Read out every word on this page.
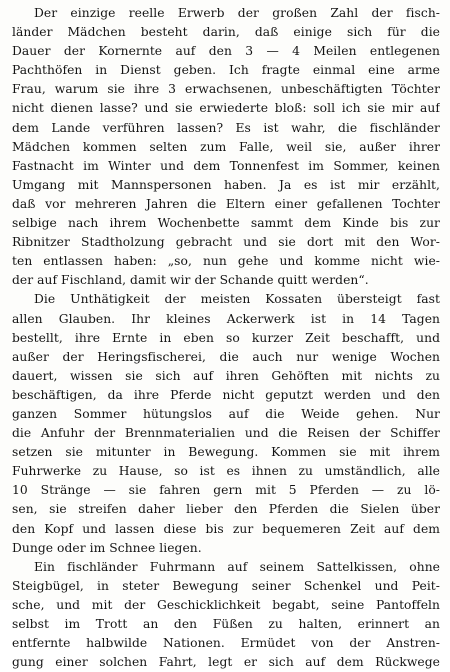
Der einzige reelle Erwerb der großen Zahl der fisch-
länder Mädchen besteht darin, daß einige sich für die
Dauer der Kornernte auf den 3 — 4 Meilen entlegenen
Pachthöfen in Dienst geben. Ich fragte einmal eine arme
Frau, warum sie ihre 3 erwachsenen, unbeschäftigten Töchter
nicht dienen lasse? und sie erwiederte bloß: soll ich sie mir auf
dem Lande verführen lassen? Es ist wahr, die fischländer
Mädchen kommen selten zum Falle, weil sie, außer ihrer
Fastnacht im Winter und dem Tonnenfest im Sommer, keinen
Umgang mit Mannspersonen haben. Ja es ist mir erzählt,
daß vor mehreren Jahren die Eltern einer gefallenen Tochter
selbige nach ihrem Wochenbette sammt dem Kinde bis zur
Ribnitzer Stadtholzung gebracht und sie dort mit den Wor-
ten entlassen haben: „so, nun gehe und komme nicht wie-
der auf Fischland, damit wir der Schande quitt werden“.
Die Unthätigkeit der meisten Kossaten übersteigt fast
allen Glauben. Ihr kleines Ackerwerk ist in 14 Tagen
bestellt, ihre Ernte in eben so kurzer Zeit beschafft, und
außer der Heringsfischerei, die auch nur wenige Wochen
dauert, wissen sie sich auf ihren Gehöften mit nichts zu
beschäftigen, da ihre Pferde nicht geputzt werden und den
ganzen Sommer hütungslos auf die Weide gehen. Nur
die Anfuhr der Brennmaterialien und die Reisen der Schiffer
setzen sie mitunter in Bewegung. Kommen sie mit ihrem
Fuhrwerke zu Hause, so ist es ihnen zu umständlich, alle
10 Stränge — sie fahren gern mit 5 Pferden — zu lö-
sen, sie streifen daher lieber den Pferden die Sielen über
den Kopf und lassen diese bis zur bequemeren Zeit auf dem
Dunge oder im Schnee liegen.
Ein fischländer Fuhrmann auf seinem Sattelkissen, ohne
Steigbügel, in steter Bewegung seiner Schenkel und Peit-
sche, und mit der Geschicklichkeit begabt, seine Pantoffeln
selbst im Trott an den Füßen zu halten, erinnert an
entfernte halbwilde Nationen. Ermüdet von der Anstren-
gung einer solchen Fahrt, legt er sich auf dem Rückwege
